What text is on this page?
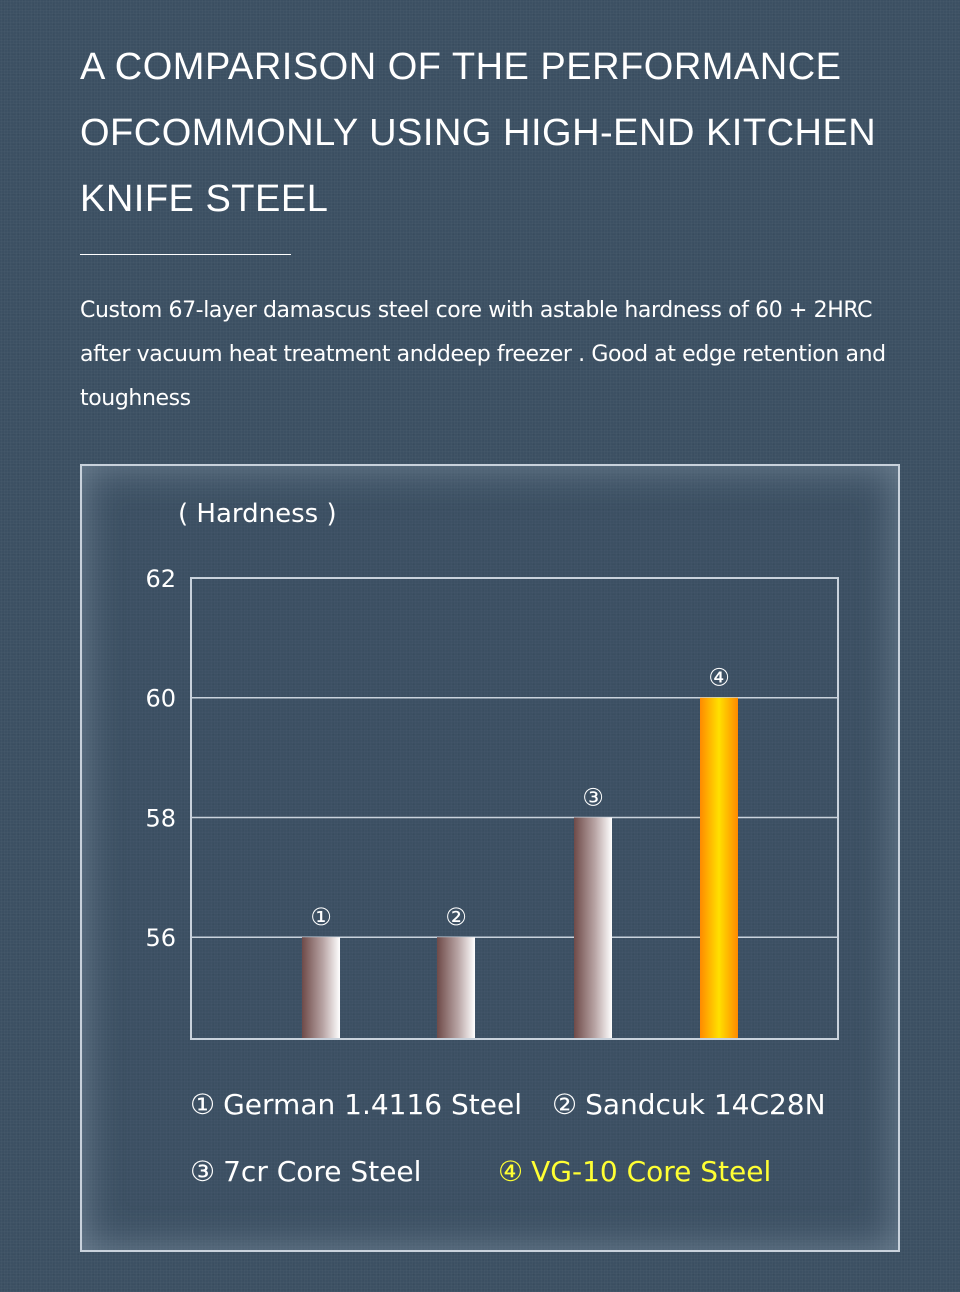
A COMPARISON OF THE PERFORMANCE
OFCOMMONLY USING HIGH-END KITCHEN
KNIFE STEEL

Custom 67-layer damascus steel core with astable hardness of 60 + 2HRC after vacuum heat treatment anddeep freezer . Good at edge retention and toughness

( Hardness )
56
58
60
62
①	②
③
④
① German 1.4116 Steel ② Sandcuk 14C28N
③ 7cr Core Steel	④ VG-10 Core Steel
